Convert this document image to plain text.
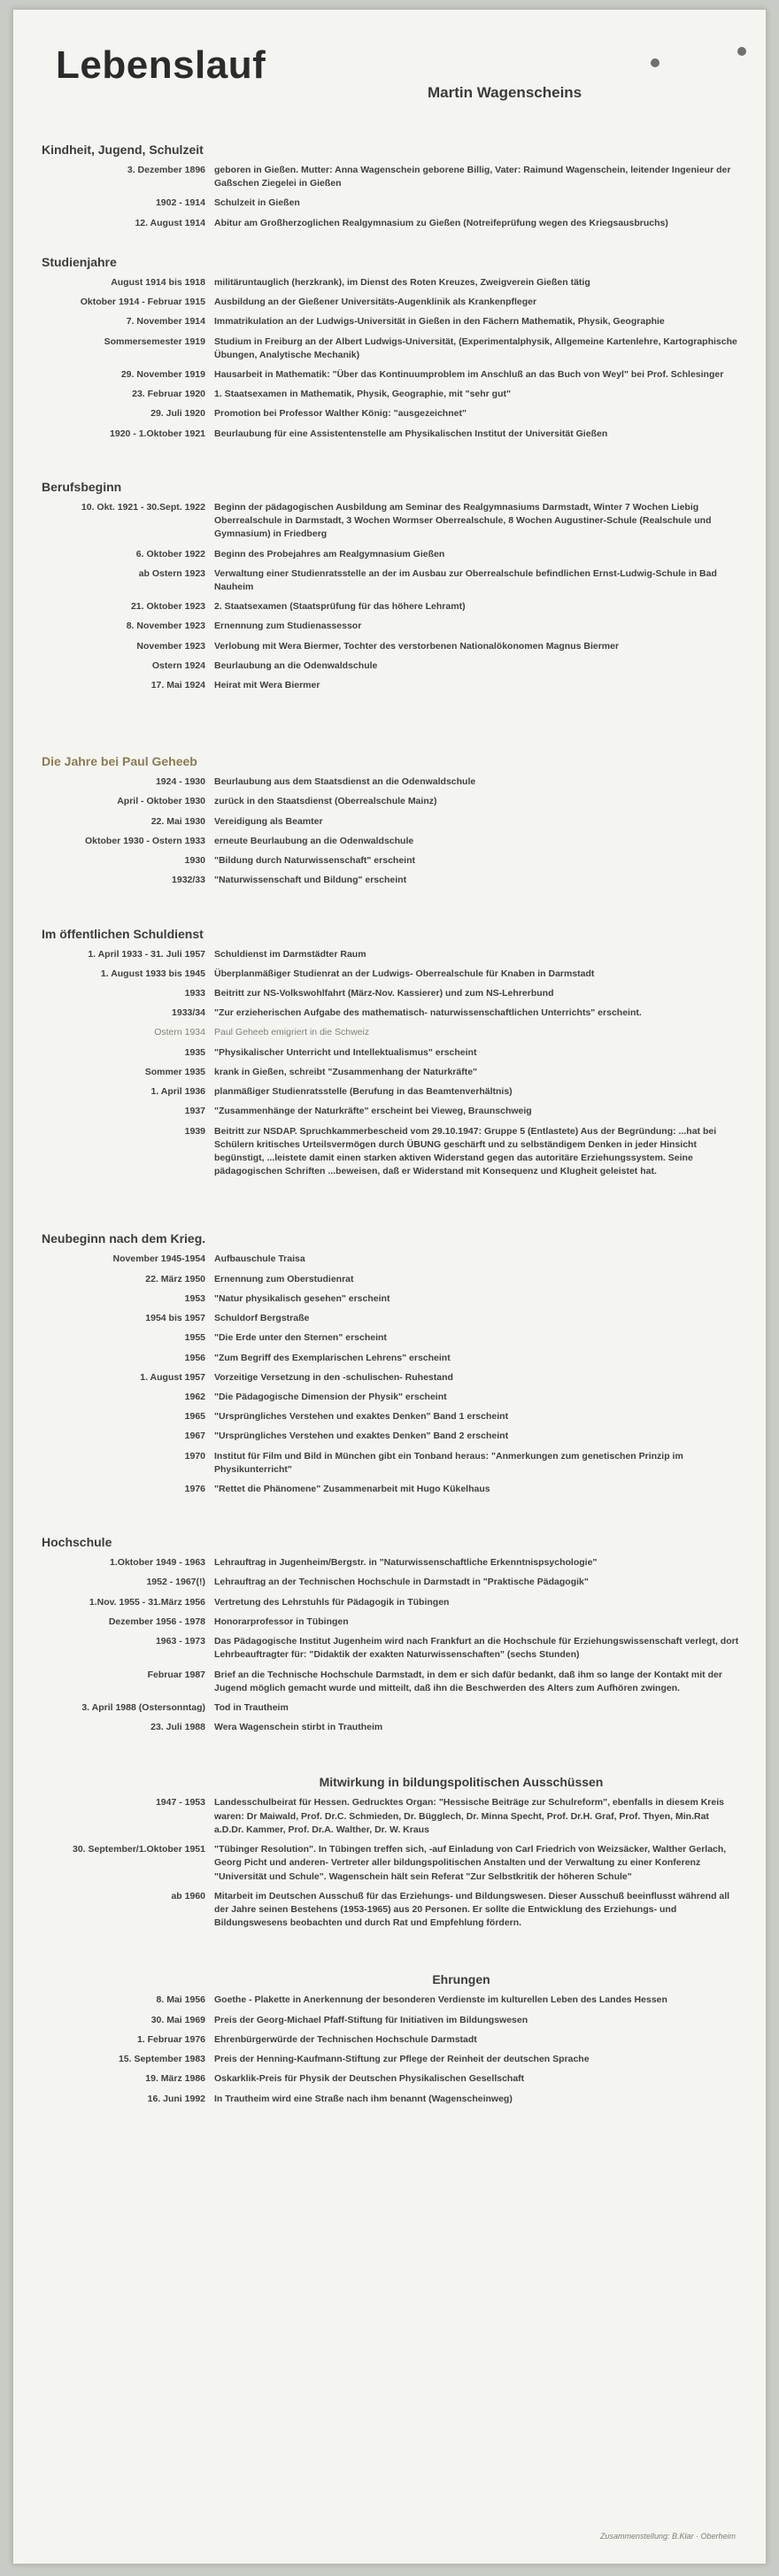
Lebenslauf
Martin Wagenscheins
Kindheit, Jugend, Schulzeit
3. Dezember 1896 geboren in Gießen. Mutter: Anna Wagenschein geborene Billig, Vater: Raimund Wagenschein, leitender Ingenieur der Gaßschen Ziegelei in Gießen
1902 - 1914 Schulzeit in Gießen
12. August 1914 Abitur am Großherzoglichen Realgymnasium zu Gießen (Notreifeprüfung wegen des Kriegsausbruchs)
Studienjahre
August 1914 bis 1918 militäruntauglich (herzkrank), im Dienst des Roten Kreuzes, Zweigverein Gießen tätig
Oktober 1914 - Februar 1915 Ausbildung an der Gießener Universitäts-Augenklinik als Krankenpfleger
7. November 1914 Immatrikulation an der Ludwigs-Universität in Gießen in den Fächern Mathematik, Physik, Geographie
Sommersemester 1919 Studium in Freiburg an der Albert Ludwigs-Universität, (Experimentalphysik, Allgemeine Kartenlehre, Kartographische Übungen, Analytische Mechanik)
29. November 1919 Hausarbeit in Mathematik: "Über das Kontinuumproblem im Anschluß an das Buch von Weyl" bei Prof. Schlesinger
23. Februar 1920 1. Staatsexamen in Mathematik, Physik, Geographie, mit "sehr gut"
29. Juli 1920 Promotion bei Professor Walther König: "ausgezeichnet"
1920 - 1.Oktober 1921 Beurlaubung für eine Assistentenstelle am Physikalischen Institut der Universität Gießen
Berufsbeginn
10. Okt. 1921 - 30.Sept. 1922 Beginn der pädagogischen Ausbildung am Seminar des Realgymnasiums Darmstadt, Winter 7 Wochen Liebig Oberrealschule in Darmstadt, 3 Wochen Wormser Oberrealschule, 8 Wochen Augustiner-Schule (Realschule und Gymnasium) in Friedberg
6. Oktober 1922 Beginn des Probejahres am Realgymnasium Gießen
ab Ostern 1923 Verwaltung einer Studienratsstelle an der im Ausbau zur Oberrealschule befindlichen Ernst-Ludwig-Schule in Bad Nauheim
21. Oktober 1923 2. Staatsexamen (Staatsprüfung für das höhere Lehramt)
8. November 1923 Ernennung zum Studienassessor
November 1923 Verlobung mit Wera Biermer, Tochter des verstorbenen Nationalökonomen Magnus Biermer
Ostern 1924 Beurlaubung an die Odenwaldschule
17. Mai 1924 Heirat mit Wera Biermer
Die Jahre bei Paul Geheeb
1924 - 1930 Beurlaubung aus dem Staatsdienst an die Odenwaldschule
April - Oktober 1930 zurück in den Staatsdienst (Oberrealschule Mainz)
22. Mai 1930 Vereidigung als Beamter
Oktober 1930 - Ostern 1933 erneute Beurlaubung an die Odenwaldschule
1930 "Bildung durch Naturwissenschaft" erscheint
1932/33 "Naturwissenschaft und Bildung" erscheint
Im öffentlichen Schuldienst
1. April 1933 - 31. Juli 1957 Schuldienst im Darmstädter Raum
1. August 1933 bis 1945 Überplanmäßiger Studienrat an der Ludwigs- Oberrealschule für Knaben in Darmstadt
1933 Beitritt zur NS-Volkswohlfahrt (März-Nov. Kassierer) und zum NS-Lehrerbund
1933/34 "Zur erzieherischen Aufgabe des mathematisch- naturwissenschaftlichen Unterrichts" erscheint.
Ostern 1934 Paul Geheeb emigriert in die Schweiz
1935 "Physikalischer Unterricht und Intellektualismus" erscheint
Sommer 1935 krank in Gießen, schreibt "Zusammenhang der Naturkräfte"
1. April 1936 planmäßiger Studienratsstelle (Berufung in das Beamtenverhältnis)
1937 "Zusammenhänge der Naturkräfte" erscheint bei Vieweg, Braunschweig
1939 Beitritt zur NSDAP. Spruchkammerbescheid vom 29.10.1947: Gruppe 5 (Entlastete) Aus der Begründung: ...hat bei Schülern kritisches Urteilsvermögen durch ÜBUNG geschärft und zu selbständigem Denken in jeder Hinsicht begünstigt, ...leistete damit einen starken aktiven Widerstand gegen das autoritäre Erziehungssystem. Seine pädagogischen Schriften ...beweisen, daß er Widerstand mit Konsequenz und Klugheit geleistet hat.
Neubeginn nach dem Krieg.
November 1945-1954 Aufbauschule Traisa
22. März 1950 Ernennung zum Oberstudienrat
1953 "Natur physikalisch gesehen" erscheint
1954 bis 1957 Schuldorf Bergstraße
1955 "Die Erde unter den Sternen" erscheint
1956 "Zum Begriff des Exemplarischen Lehrens" erscheint
1. August 1957 Vorzeitige Versetzung in den -schulischen- Ruhestand
1962 "Die Pädagogische Dimension der Physik" erscheint
1965 "Ursprüngliches Verstehen und exaktes Denken" Band 1 erscheint
1967 "Ursprüngliches Verstehen und exaktes Denken" Band 2 erscheint
1970 Institut für Film und Bild in München gibt ein Tonband heraus: "Anmerkungen zum genetischen Prinzip im Physikunterricht"
1976 "Rettet die Phänomene" Zusammenarbeit mit Hugo Kükelhaus
Hochschule
1.Oktober 1949 - 1963 Lehrauftrag in Jugenheim/Bergstr. in "Naturwissenschaftliche Erkenntnispsychologie"
1952 - 1967(!) Lehrauftrag an der Technischen Hochschule in Darmstadt in "Praktische Pädagogik"
1.Nov. 1955 - 31.März 1956 Vertretung des Lehrstuhls für Pädagogik in Tübingen
Dezember 1956 - 1978 Honorarprofessor in Tübingen
1963 - 1973 Das Pädagogische Institut Jugenheim wird nach Frankfurt an die Hochschule für Erziehungswissenschaft verlegt, dort Lehrbeauftragter für: "Didaktik der exakten Naturwissenschaften" (sechs Stunden)
Februar 1987 Brief an die Technische Hochschule Darmstadt, in dem er sich dafür bedankt, daß ihm so lange der Kontakt mit der Jugend möglich gemacht wurde und mitteilt, daß ihn die Beschwerden des Alters zum Aufhören zwingen.
3. April 1988 (Ostersonntag) Tod in Trautheim
23. Juli 1988 Wera Wagenschein stirbt in Trautheim
Mitwirkung in bildungspolitischen Ausschüssen
1947 - 1953 Landesschulbeirat für Hessen. Gedrucktes Organ: "Hessische Beiträge zur Schulreform", ebenfalls in diesem Kreis waren: Dr Maiwald, Prof. Dr.C. Schmieden, Dr. Bügglech, Dr. Minna Specht, Prof. Dr.H. Graf, Prof. Thyen, Min.Rat a.D.Dr. Kammer, Prof. Dr.A. Walther, Dr. W. Kraus
30. September/1.Oktober 1951 "Tübinger Resolution". In Tübingen treffen sich, -auf Einladung von Carl Friedrich von Weizsäcker, Walther Gerlach, Georg Picht und anderen- Vertreter aller bildungspolitischen Anstalten und der Verwaltung zu einer Konferenz "Universität und Schule". Wagenschein hält sein Referat "Zur Selbstkritik der höheren Schule"
ab 1960 Mitarbeit im Deutschen Ausschuß für das Erziehungs- und Bildungswesen. Dieser Ausschuß beeinflusst während all der Jahre seinen Bestehens (1953-1965) aus 20 Personen. Er sollte die Entwicklung des Erziehungs- und Bildungswesens beobachten und durch Rat und Empfehlung fördern.
Ehrungen
8. Mai 1956 Goethe - Plakette in Anerkennung der besonderen Verdienste im kulturellen Leben des Landes Hessen
30. Mai 1969 Preis der Georg-Michael Pfaff-Stiftung für Initiativen im Bildungswesen
1. Februar 1976 Ehrenbürgerwürde der Technischen Hochschule Darmstadt
15. September 1983 Preis der Henning-Kaufmann-Stiftung zur Pflege der Reinheit der deutschen Sprache
19. März 1986 Oskarklik-Preis für Physik der Deutschen Physikalischen Gesellschaft
16. Juni 1992 In Trautheim wird eine Straße nach ihm benannt (Wagenscheinweg)
Zusammenstellung: B.Klar · Oberheim
